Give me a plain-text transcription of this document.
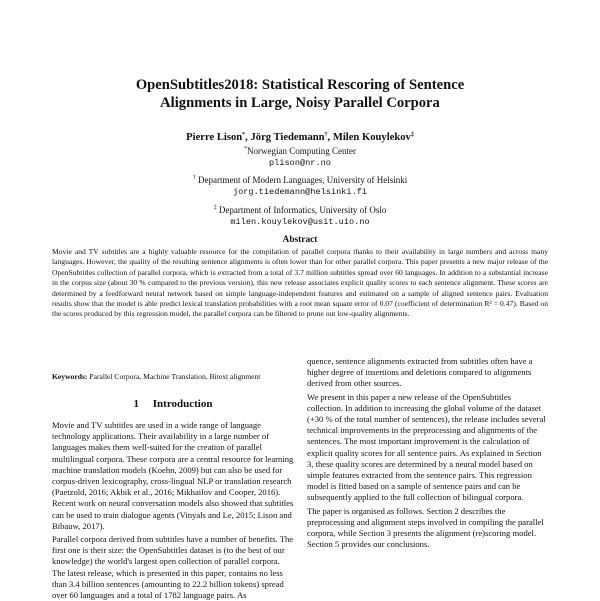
OpenSubtitles2018: Statistical Rescoring of Sentence
Alignments in Large, Noisy Parallel Corpora
Pierre Lison*, Jörg Tiedemann†, Milen Kouylekov‡
*Norwegian Computing Center
plison@nr.no
† Department of Modern Languages, University of Helsinki
jorg.tiedemann@helsinki.fi
‡ Department of Informatics, University of Oslo
milen.kouylekov@usit.uio.no
Abstract
Movie and TV subtitles are a highly valuable resource for the compilation of parallel corpora thanks to their availability in large numbers and across many languages. However, the quality of the resulting sentence alignments is often lower than for other parallel corpora. This paper presents a new major release of the OpenSubtitles collection of parallel corpora, which is extracted from a total of 3.7 million subtitles spread over 60 languages. In addition to a substantial increase in the corpus size (about 30 % compared to the previous version), this new release associates explicit quality scores to each sentence alignment. These scores are determined by a feedforward neural network based on simple language-independent features and estimated on a sample of aligned sentence pairs. Evaluation results show that the model is able predict lexical translation probabilities with a root mean square error of 0.07 (coefficient of determination R² = 0.47). Based on the scores produced by this regression model, the parallel corpora can be filtered to prune out low-quality alignments.
Keywords: Parallel Corpora, Machine Translation, Bitext alignment
1     Introduction

Movie and TV subtitles are used in a wide range of language technology applications. Their availability in a large number of languages makes them well-suited for the creation of parallel multilingual corpora. These corpora are a central resource for learning machine translation models (Koehn, 2009) but can also be used for corpus-driven lexicography, cross-lingual NLP or translation research (Paetzold, 2016; Akbik et al., 2016; Mikhailov and Cooper, 2016). Recent work on neural conversation models also showed that subtitles can be used to train dialogue agents (Vinyals and Le, 2015; Lison and Bibauw, 2017).

Parallel corpora derived from subtitles have a number of benefits. The first one is their size: the OpenSubtitles dataset is (to the best of our knowledge) the world's largest open collection of parallel corpora. The latest release, which is presented in this paper, contains no less than 3.4 billion sentences (amounting to 22.2 billion tokens) spread over 60 languages and a total of 1782 language pairs. As

quence, sentence alignments extracted from subtitles often have a higher degree of insertions and deletions compared to alignments derived from other sources.

We present in this paper a new release of the OpenSubtitles collection. In addition to increasing the global volume of the dataset (+30 % of the total number of sentences), the release includes several technical improvements in the preprocessing and alignments of the sentences. The most important improvement is the calculation of explicit quality scores for all sentence pairs. As explained in Section 3, these quality scores are determined by a neural model based on simple features extracted from the sentence pairs. This regression model is fitted based on a sample of sentence pairs and can be subsequently applied to the full collection of bilingual corpora.

The paper is organised as follows. Section 2 describes the preprocessing and alignment steps involved in compiling the parallel corpora, while Section 3 presents the alignment (re)scoring model. Section 5 provides our conclusions.
